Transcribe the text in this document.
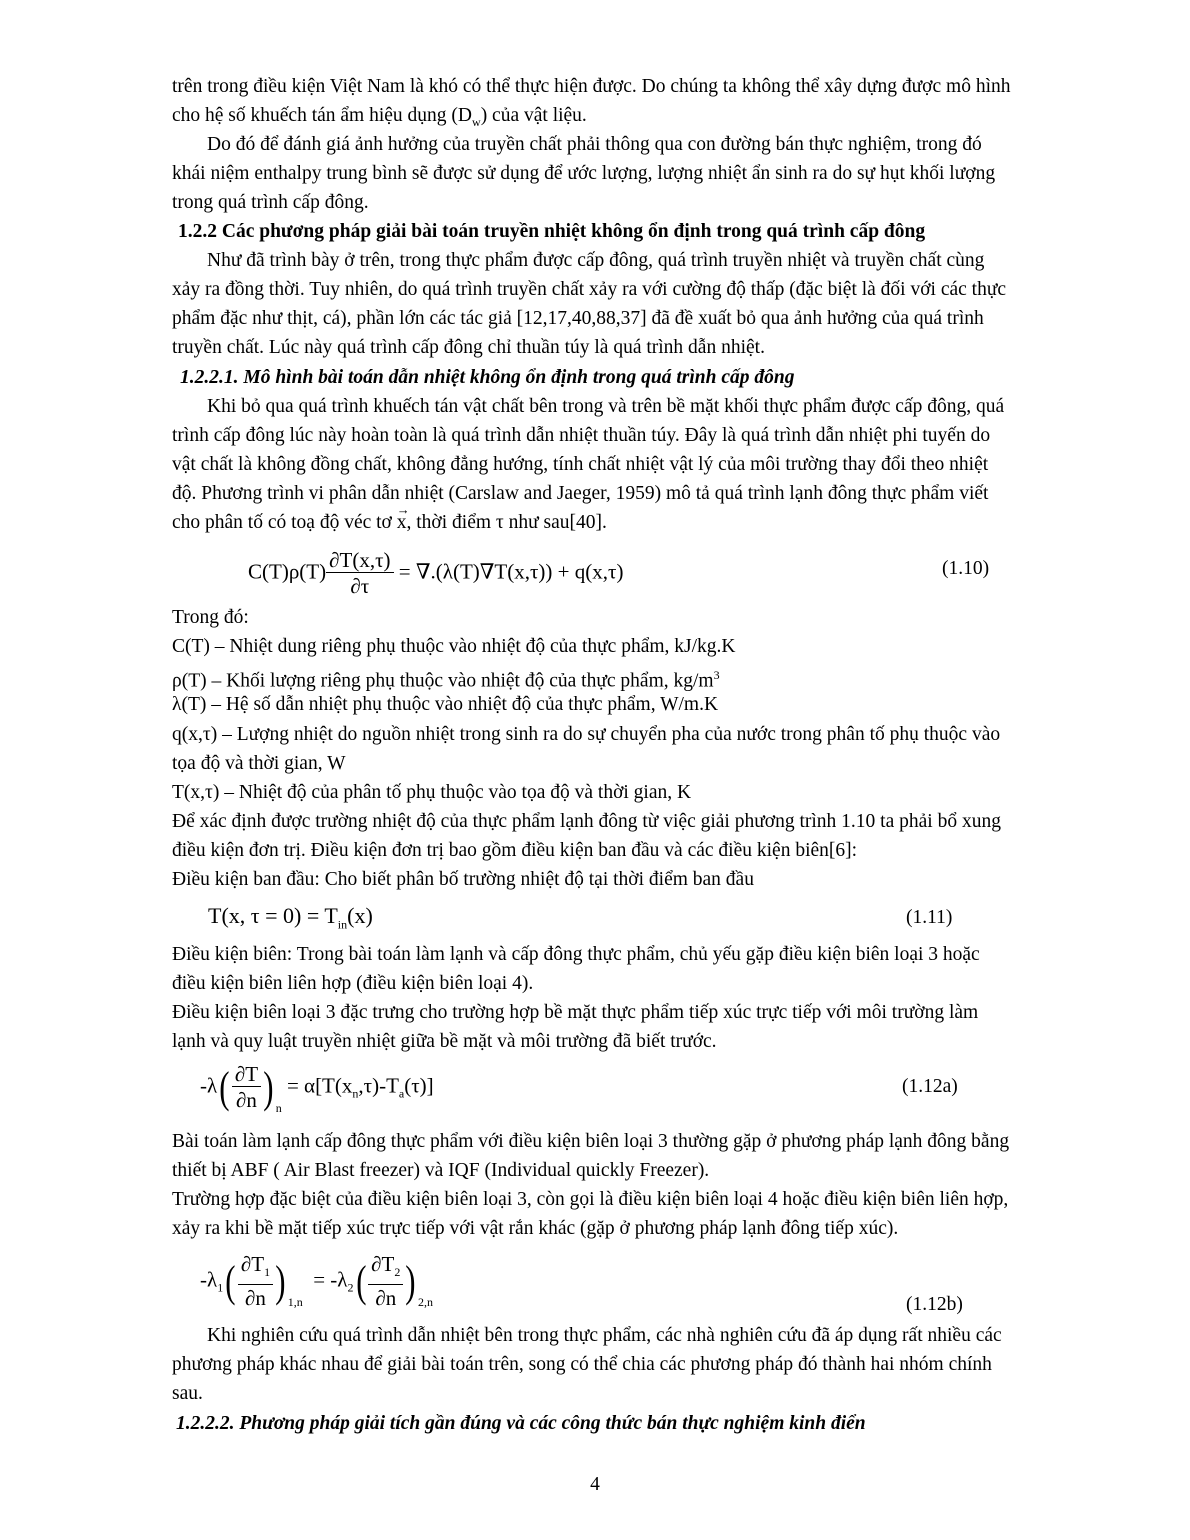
trên trong điều kiện Việt Nam là khó có thể thực hiện được. Do chúng ta không thể xây dựng được mô hình
cho hệ số khuếch tán ẩm hiệu dụng $(D_w)$ của vật liệu.
Do đó để đánh giá ảnh hưởng của truyền chất phải thông qua con đường bán thực nghiệm, trong đó
khái niệm enthalpy trung bình sẽ được sử dụng để ước lượng, lượng nhiệt ẩn sinh ra do sự hụt khối lượng
trong quá trình cấp đông.
1.2.2 Các phương pháp giải bài toán truyền nhiệt không ổn định trong quá trình cấp đông
Như đã trình bày ở trên, trong thực phẩm được cấp đông, quá trình truyền nhiệt và truyền chất cùng
xảy ra đồng thời. Tuy nhiên, do quá trình truyền chất xảy ra với cường độ thấp (đặc biệt là đối với các thực
phẩm đặc như thịt, cá), phần lớn các tác giả [12,17,40,88,37] đã đề xuất bỏ qua ảnh hưởng của quá trình
truyền chất. Lúc này quá trình cấp đông chỉ thuần túy là quá trình dẫn nhiệt.
1.2.2.1. Mô hình bài toán dẫn nhiệt không ổn định trong quá trình cấp đông
Khi bỏ qua quá trình khuếch tán vật chất bên trong và trên bề mặt khối thực phẩm được cấp đông, quá
trình cấp đông lúc này hoàn toàn là quá trình dẫn nhiệt thuần túy. Đây là quá trình dẫn nhiệt phi tuyến do
vật chất là không đồng chất, không đẳng hướng, tính chất nhiệt vật lý của môi trường thay đổi theo nhiệt
độ. Phương trình vi phân dẫn nhiệt (Carslaw and Jaeger, 1959) mô tả quá trình lạnh đông thực phẩm viết
cho phân tố có toạ độ véc tơ → x, thời điểm τ như sau[40].
$C(T)\rho(T) \frac{\partial T(x,\tau)}{\partial\tau} = \nabla.(\lambda(T)\nabla T(x,\tau)) + q(x,\tau)$	(1.10)
Trong đó:
C(T) – Nhiệt dung riêng phụ thuộc vào nhiệt độ của thực phẩm, kJ/kg.K
ρ(T) – Khối lượng riêng phụ thuộc vào nhiệt độ của thực phẩm, $kg/m^3$
λ(T) – Hệ số dẫn nhiệt phụ thuộc vào nhiệt độ của thực phẩm, W/m.K
q(x,τ) – Lượng nhiệt do nguồn nhiệt trong sinh ra do sự chuyển pha của nước trong phân tố phụ thuộc vào
tọa độ và thời gian, W
T(x,τ) – Nhiệt độ của phân tố phụ thuộc vào tọa độ và thời gian, K
Để xác định được trường nhiệt độ của thực phẩm lạnh đông từ việc giải phương trình 1.10 ta phải bổ xung
điều kiện đơn trị. Điều kiện đơn trị bao gồm điều kiện ban đầu và các điều kiện biên[6]:
Điều kiện ban đầu: Cho biết phân bố trường nhiệt độ tại thời điểm ban đầu
T(x, $\tau = 0) = T_{in}(x)$	(1.11)
Điều kiện biên: Trong bài toán làm lạnh và cấp đông thực phẩm, chủ yếu gặp điều kiện biên loại 3 hoặc
điều kiện biên liên hợp (điều kiện biên loại 4).
Điều kiện biên loại 3 đặc trưng cho trường hợp bề mặt thực phẩm tiếp xúc trực tiếp với môi trường làm
lạnh và quy luật truyền nhiệt giữa bề mặt và môi trường đã biết trước.
$-\lambda( \frac{\partial T}{\partial n}$ ) $_n = \alpha[T(x_n,\tau)-T_a(\tau)]$	(1.12a)
Bài toán làm lạnh cấp đông thực phẩm với điều kiện biên loại 3 thường gặp ở phương pháp lạnh đông bằng
thiết bị ABF ( Air Blast freezer) và IQF (Individual quickly Freezer).
Trường hợp đặc biệt của điều kiện biên loại 3, còn gọi là điều kiện biên loại 4 hoặc điều kiện biên liên hợp,
xảy ra khi bề mặt tiếp xúc trực tiếp với vật rắn khác (gặp ở phương pháp lạnh đông tiếp xúc).
$-\lambda_1( \frac{\partial T_1}{\partial n}$ ) $_{1,n} = -\lambda_2( \frac{\partial T_2}{\partial n}$ ) $_{2,n}$	(1.12b)
Khi nghiên cứu quá trình dẫn nhiệt bên trong thực phẩm, các nhà nghiên cứu đã áp dụng rất nhiều các
phương pháp khác nhau để giải bài toán trên, song có thể chia các phương pháp đó thành hai nhóm chính
sau.
1.2.2.2. Phương pháp giải tích gần đúng và các công thức bán thực nghiệm kinh điển
4
